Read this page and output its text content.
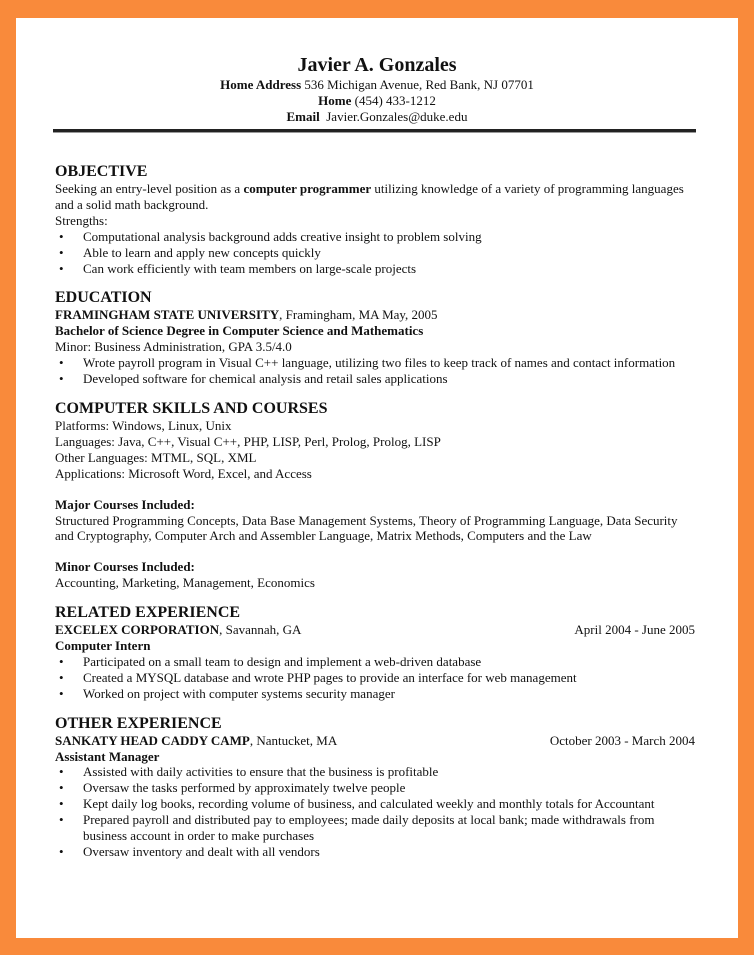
Javier A. Gonzales
Home Address 536 Michigan Avenue, Red Bank, NJ 07701
Home (454) 433-1212
Email Javier.Gonzales@duke.edu
OBJECTIVE
Seeking an entry-level position as a computer programmer utilizing knowledge of a variety of programming languages and a solid math background.
Strengths:
• Computational analysis background adds creative insight to problem solving
• Able to learn and apply new concepts quickly
• Can work efficiently with team members on large-scale projects
EDUCATION
FRAMINGHAM STATE UNIVERSITY, Framingham, MA May, 2005
Bachelor of Science Degree in Computer Science and Mathematics
Minor: Business Administration, GPA 3.5/4.0
• Wrote payroll program in Visual C++ language, utilizing two files to keep track of names and contact information
• Developed software for chemical analysis and retail sales applications
COMPUTER SKILLS AND COURSES
Platforms: Windows, Linux, Unix
Languages: Java, C++, Visual C++, PHP, LISP, Perl, Prolog, Prolog, LISP
Other Languages: MTML, SQL, XML
Applications: Microsoft Word, Excel, and Access
Major Courses Included:
Structured Programming Concepts, Data Base Management Systems, Theory of Programming Language, Data Security and Cryptography, Computer Arch and Assembler Language, Matrix Methods, Computers and the Law
Minor Courses Included:
Accounting, Marketing, Management, Economics
RELATED EXPERIENCE
EXCELEX CORPORATION, Savannah, GA	April 2004 - June 2005
Computer Intern
• Participated on a small team to design and implement a web-driven database
• Created a MYSQL database and wrote PHP pages to provide an interface for web management
• Worked on project with computer systems security manager
OTHER EXPERIENCE
SANKATY HEAD CADDY CAMP, Nantucket, MA	October 2003 - March 2004
Assistant Manager
• Assisted with daily activities to ensure that the business is profitable
• Oversaw the tasks performed by approximately twelve people
• Kept daily log books, recording volume of business, and calculated weekly and monthly totals for Accountant
• Prepared payroll and distributed pay to employees; made daily deposits at local bank; made withdrawals from business account in order to make purchases
• Oversaw inventory and dealt with all vendors
